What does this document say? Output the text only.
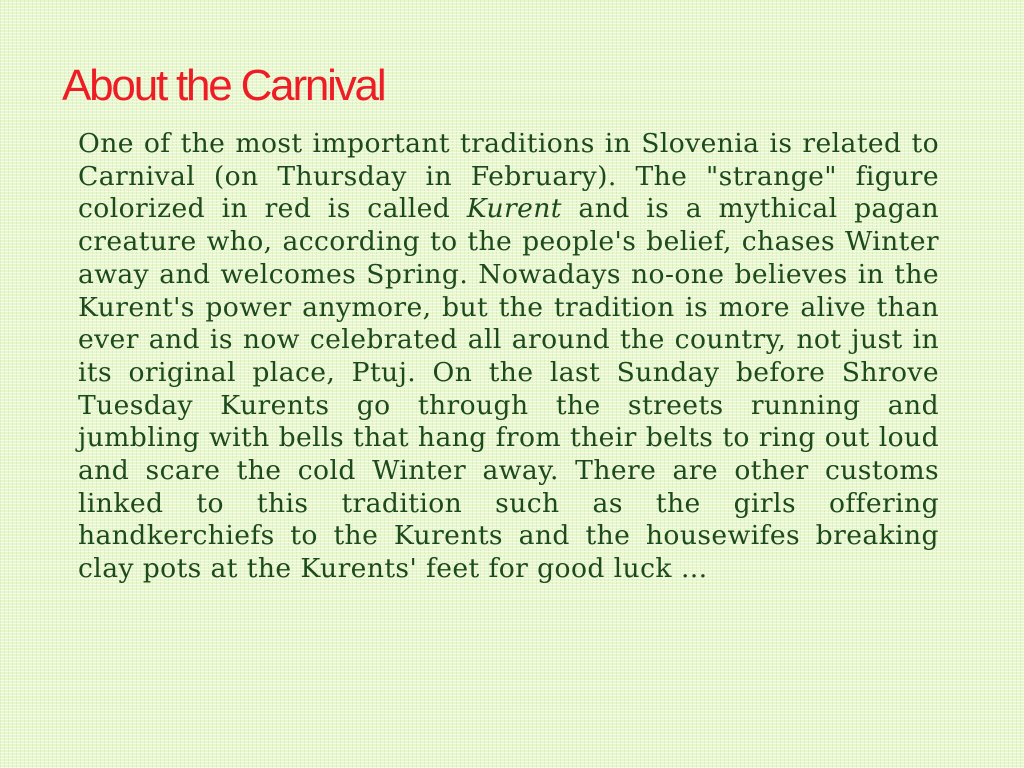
About the Carnival

One of the most important traditions in Slovenia is related to Carnival (on Thursday in February). The "strange" figure colorized in red is called Kurent and is a mythical pagan creature who, according to the people's belief, chases Winter away and welcomes Spring. Nowadays no-one believes in the Kurent's power anymore, but the tradition is more alive than ever and is now celebrated all around the country, not just in its original place, Ptuj. On the last Sunday before Shrove Tuesday Kurents go through the streets running and jumbling with bells that hang from their belts to ring out loud and scare the cold Winter away. There are other customs linked to this tradition such as the girls offering handkerchiefs to the Kurents and the housewifes breaking clay pots at the Kurents' feet for good luck …
